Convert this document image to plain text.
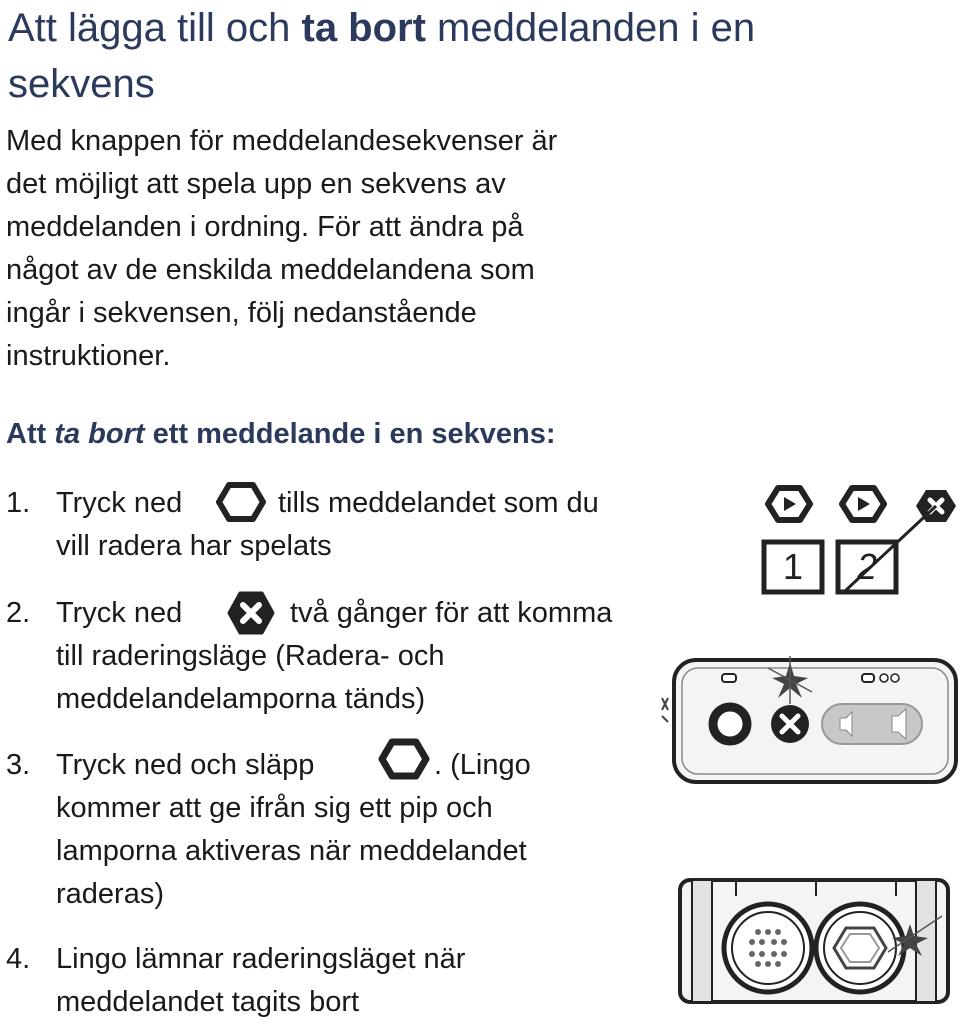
Att lägga till och ta bort meddelanden i en
sekvens

Med knappen för meddelandesekvenser är
det möjligt att spela upp en sekvens av
meddelanden i ordning. För att ändra på
något av de enskilda meddelandena som
ingår i sekvensen, följ nedanstående
instruktioner.

Att ta bort ett meddelande i en sekvens:

1. Tryck ned	tills meddelandet som du
vill radera har spelats
2. Tryck ned	två gånger för att komma
till raderingsläge (Radera- och
meddelandelamporna tänds)
3. Tryck ned och släpp	. (Lingo
kommer att ge ifrån sig ett pip och
lamporna aktiveras när meddelandet
raderas)
4. Lingo lämnar raderingsläget när
meddelandet tagits bort
1	2
